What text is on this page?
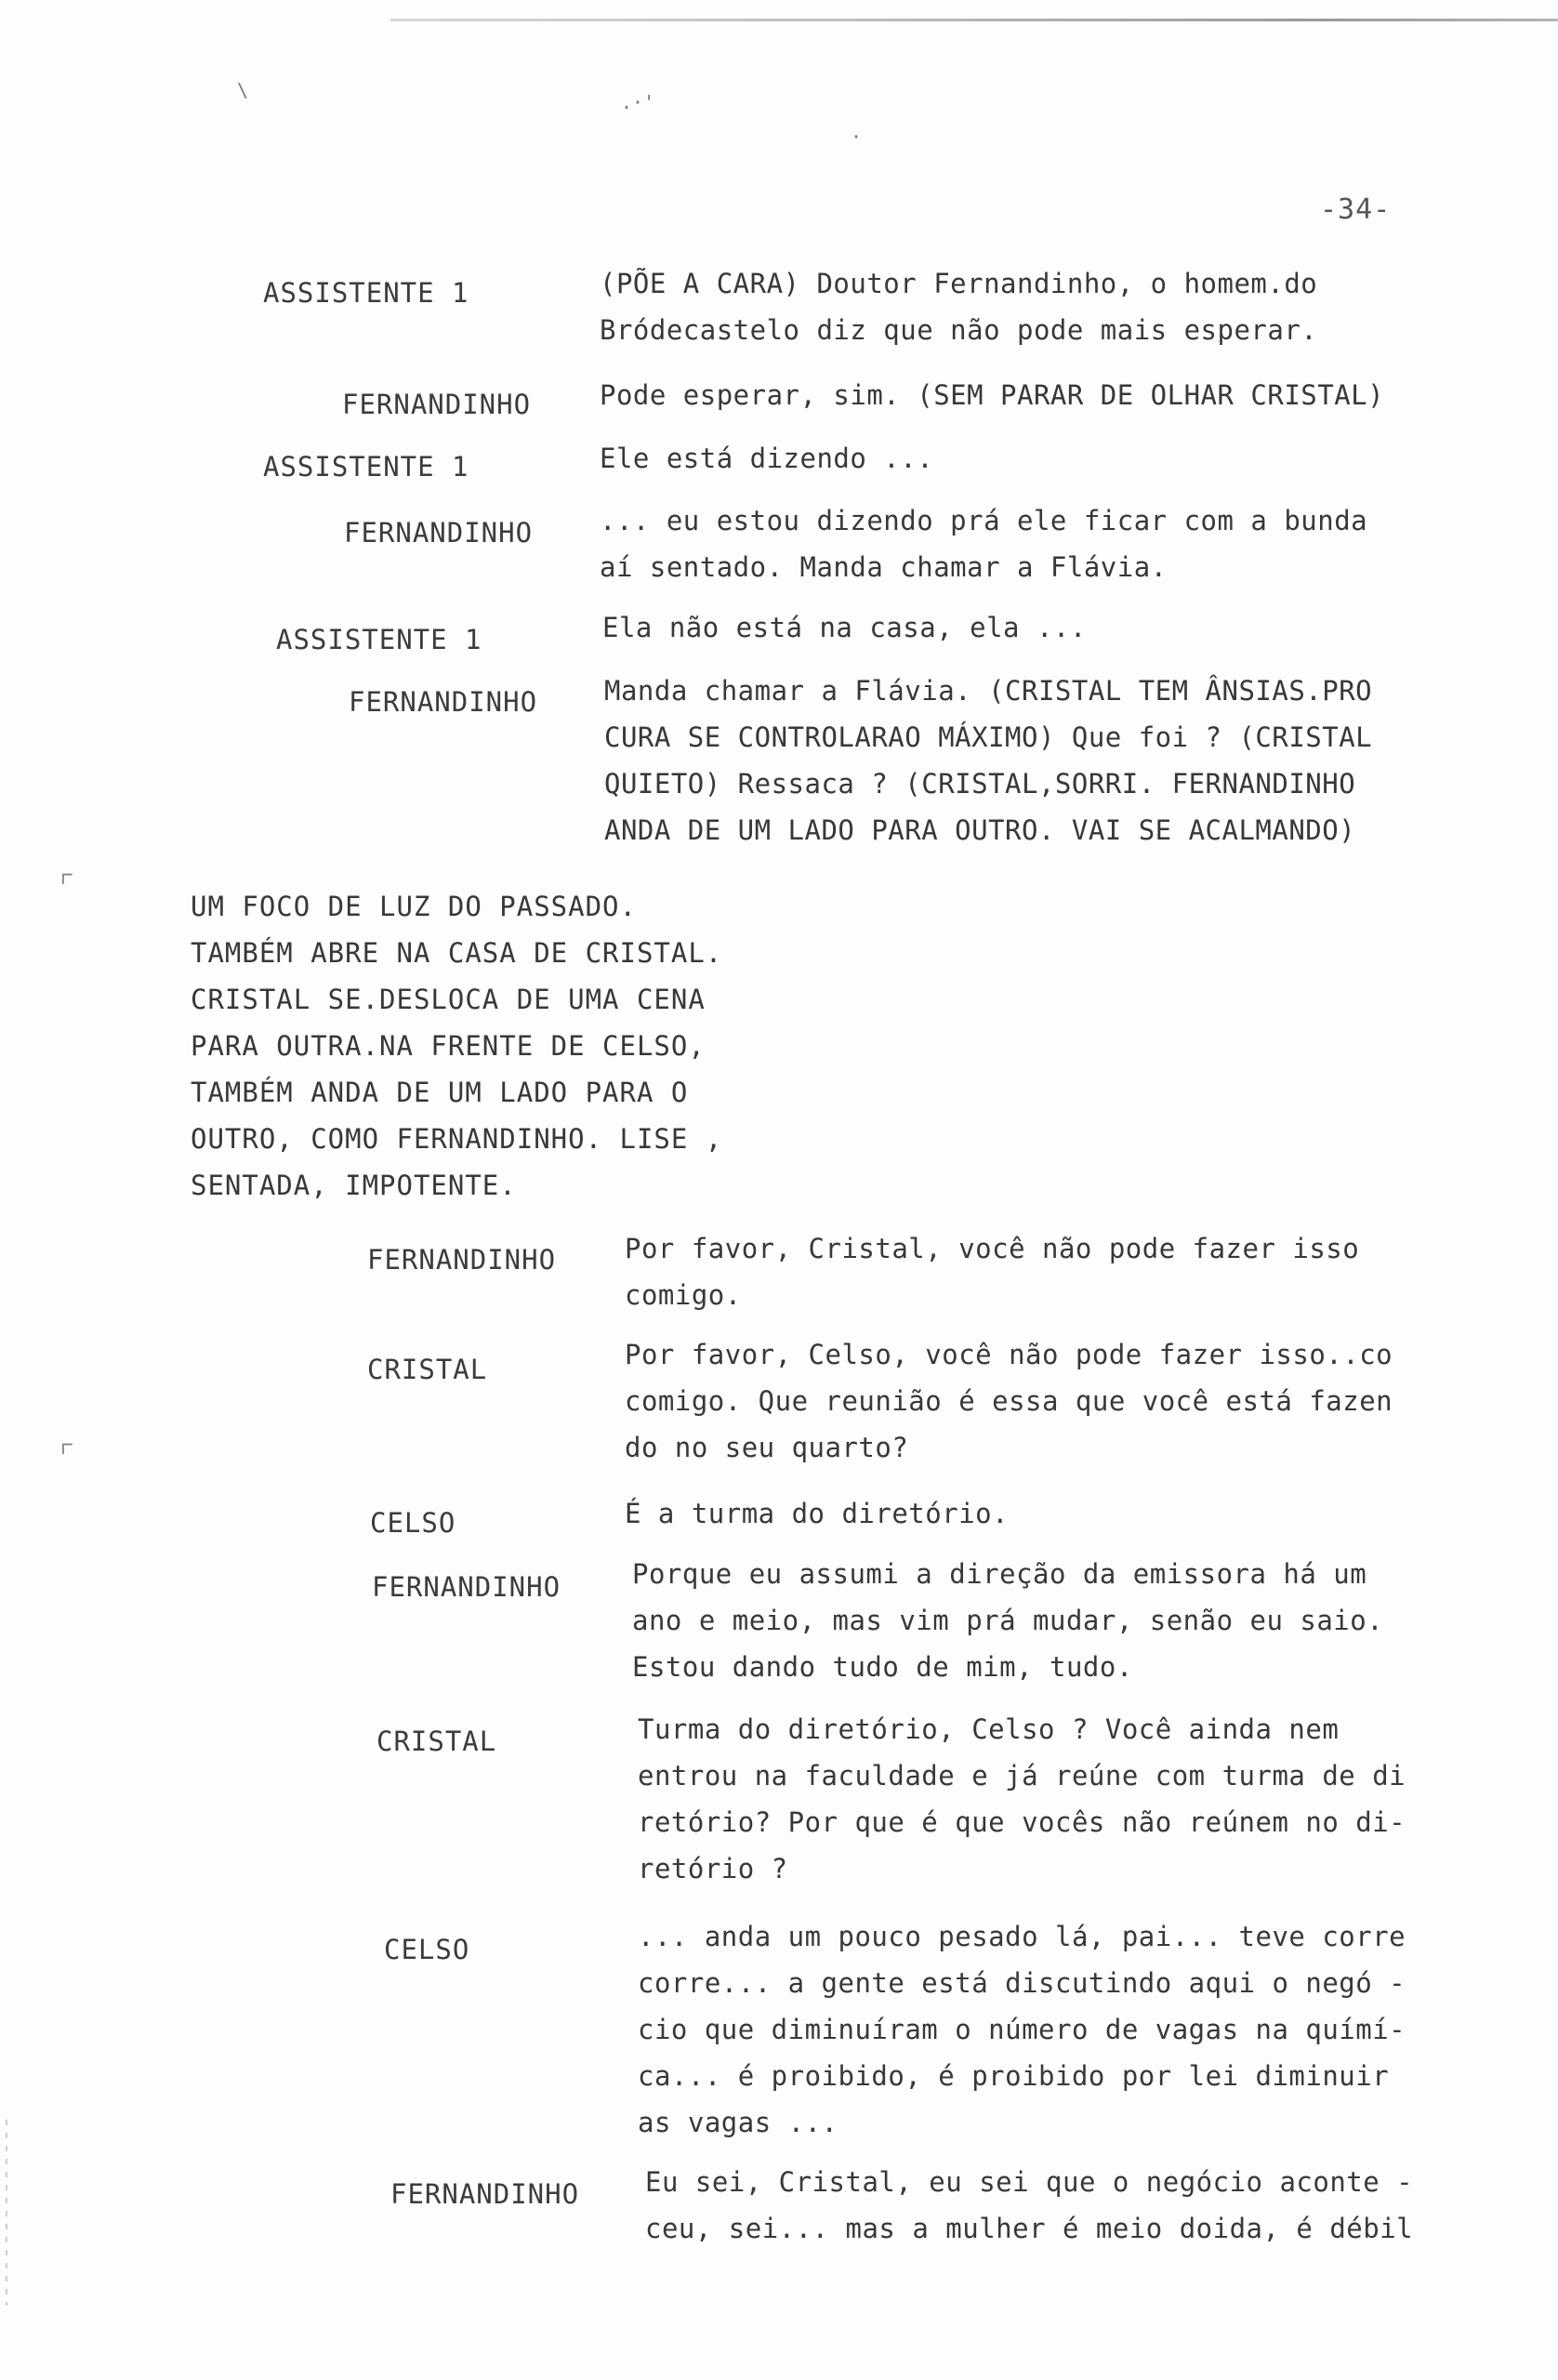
\
.·'
·
⌜
⌜
-34-
ASSISTENTE 1	(PÕE A CARA) Doutor Fernandinho, o homem.do
Bródecastelo diz que não pode mais esperar.
FERNANDINHO	Pode esperar, sim. (SEM PARAR DE OLHAR CRISTAL)
ASSISTENTE 1	Ele está dizendo ...
FERNANDINHO ... eu estou dizendo prá ele ficar com a bunda
aí sentado. Manda chamar a Flávia.
ASSISTENTE 1	Ela não está na casa, ela ...
FERNANDINHO Manda chamar a Flávia. (CRISTAL TEM ÂNSIAS.PRO
CURA SE CONTROLARAO MÁXIMO) Que foi ? (CRISTAL
QUIETO) Ressaca ? (CRISTAL,SORRI. FERNANDINHO
ANDA DE UM LADO PARA OUTRO. VAI SE ACALMANDO)
UM FOCO DE LUZ DO PASSADO.
TAMBÉM ABRE NA CASA DE CRISTAL.
CRISTAL SE.DESLOCA DE UMA CENA
PARA OUTRA.NA FRENTE DE CELSO,
TAMBÉM ANDA DE UM LADO PARA O
OUTRO, COMO FERNANDINHO. LISE ,
SENTADA, IMPOTENTE.
FERNANDINHO	Por favor, Cristal, você não pode fazer isso
comigo.
CRISTAL	Por favor, Celso, você não pode fazer isso..co
comigo. Que reunião é essa que você está fazen
do no seu quarto?
CELSO	É a turma do diretório.
FERNANDINHO	Porque eu assumi a direção da emissora há um
ano e meio, mas vim prá mudar, senão eu saio.
Estou dando tudo de mim, tudo.
CRISTAL	Turma do diretório, Celso ? Você ainda nem
entrou na faculdade e já reúne com turma de di
retório? Por que é que vocês não reúnem no di-
retório ?
CELSO	... anda um pouco pesado lá, pai... teve corre
corre... a gente está discutindo aqui o negó -
cio que diminuíram o número de vagas na químí-
ca... é proibido, é proibido por lei diminuir
as vagas ...
FERNANDINHO Eu sei, Cristal, eu sei que o negócio aconte -
ceu, sei... mas a mulher é meio doida, é débil
